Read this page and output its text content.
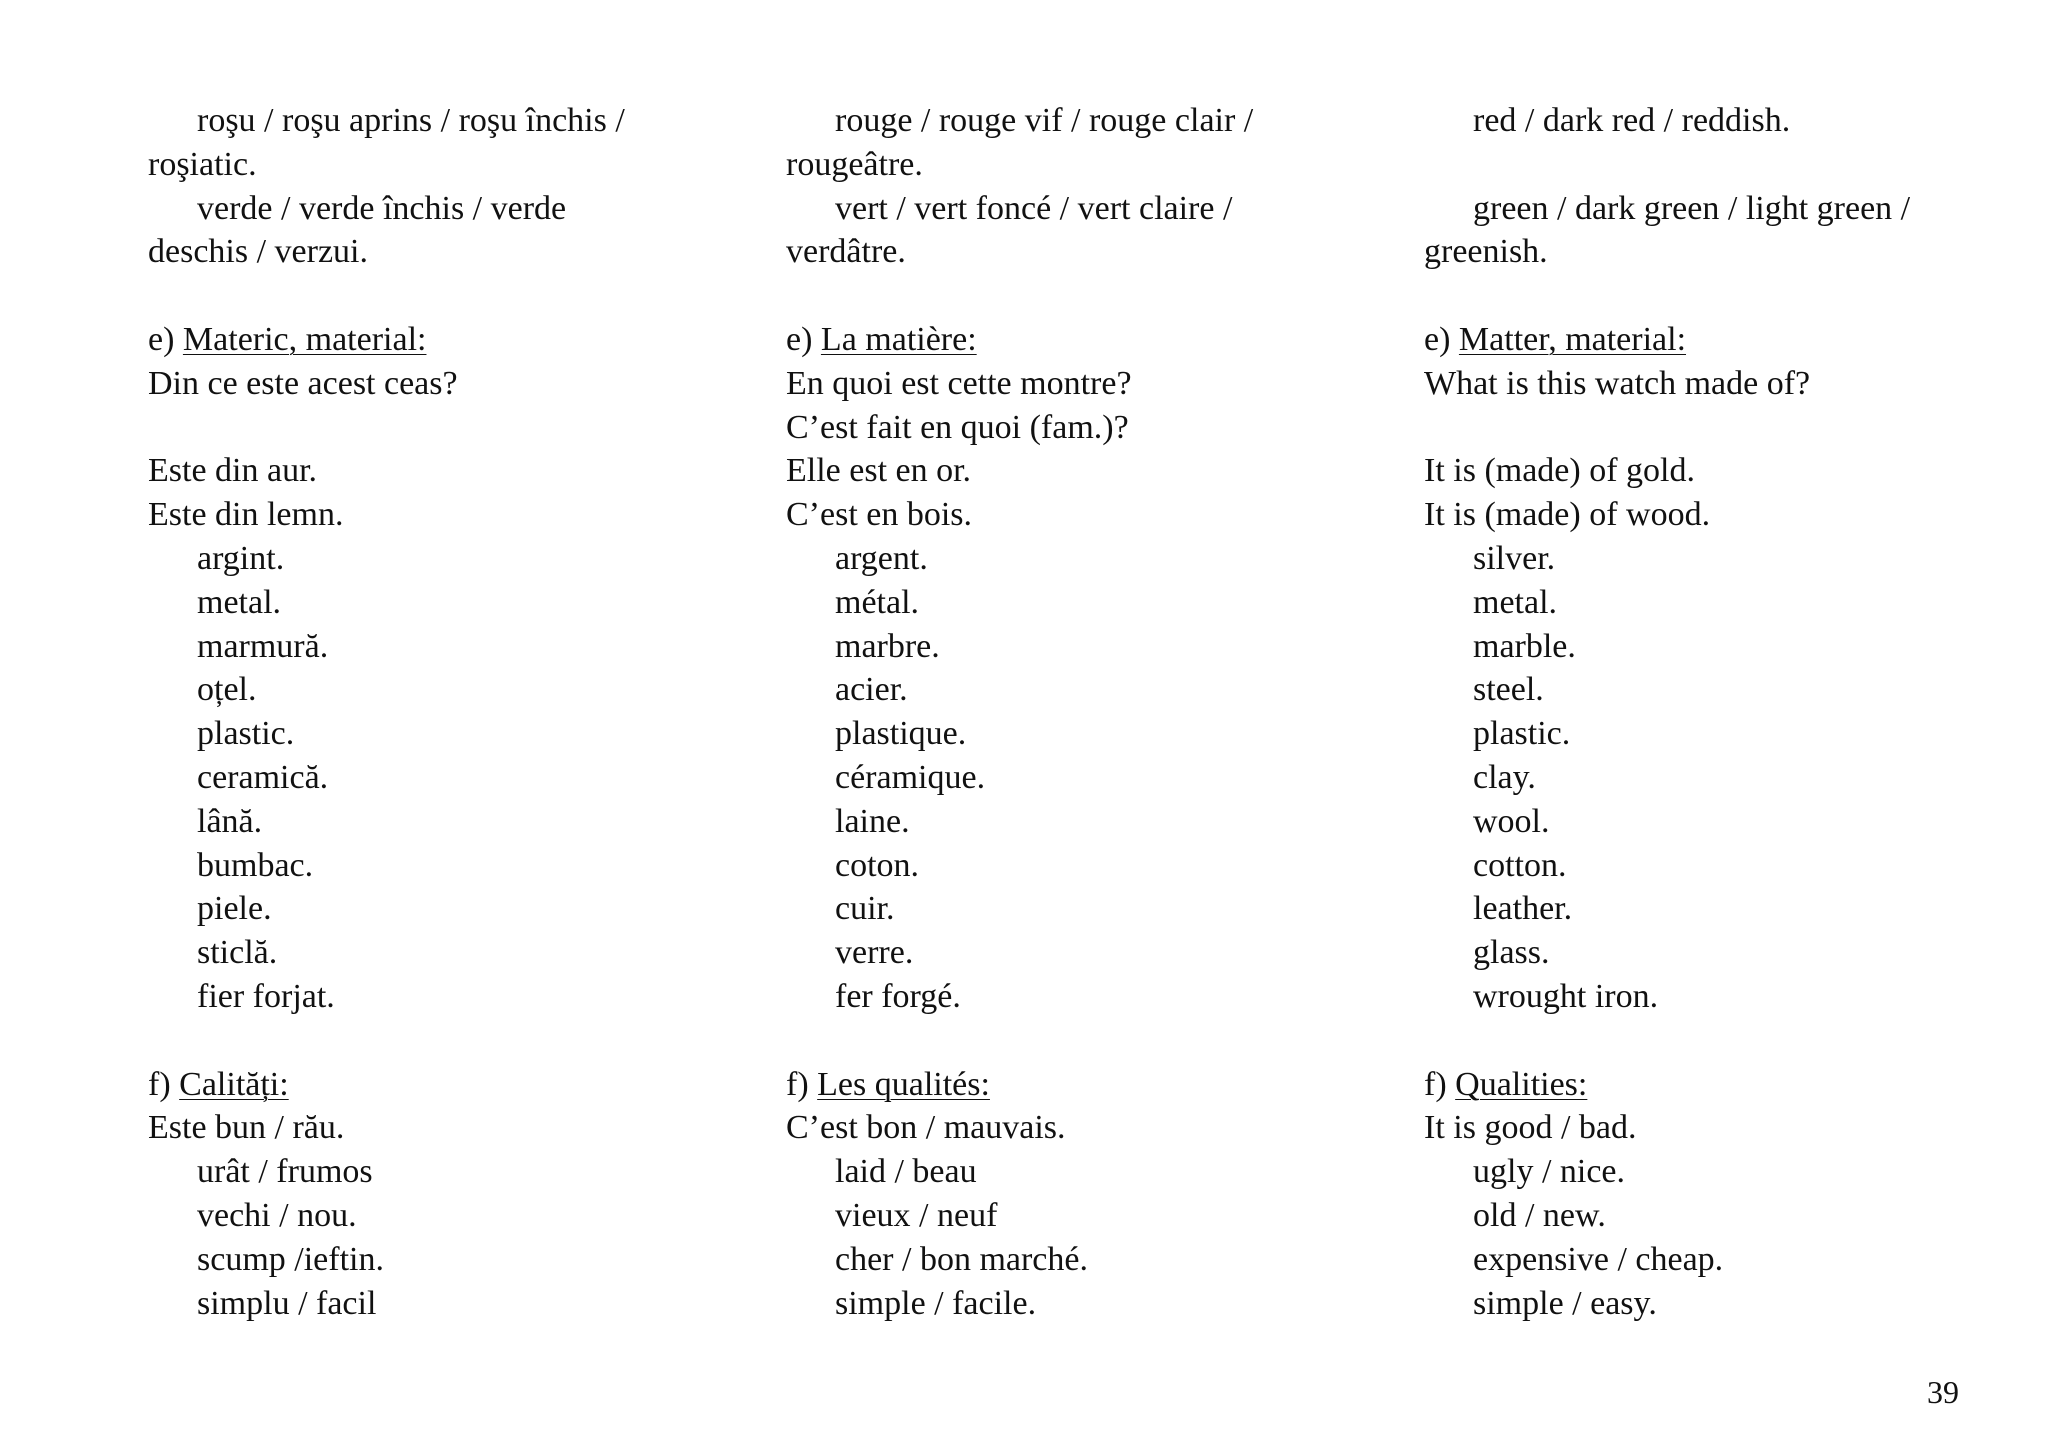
roşu / roşu aprins / roşu închis /
roşiatic.
verde / verde închis / verde
deschis / verzui.
e) Materic, material:
Din ce este acest ceas?
Este din aur.
Este din lemn.
argint.
metal.
marmură.
oțel.
plastic.
ceramică.
lână.
bumbac.
piele.
sticlă.
fier forjat.
f) Calități:
Este bun / rău.
urât / frumos
vechi / nou.
scump /ieftin.
simplu / facil
rouge / rouge vif / rouge clair /
rougeâtre.
vert / vert foncé / vert claire /
verdâtre.
e) La matière:
En quoi est cette montre?
C’est fait en quoi (fam.)?
Elle est en or.
C’est en bois.
argent.
métal.
marbre.
acier.
plastique.
céramique.
laine.
coton.
cuir.
verre.
fer forgé.
f) Les qualités:
C’est bon / mauvais.
laid / beau
vieux / neuf
cher / bon marché.
simple / facile.
red / dark red / reddish.
green / dark green / light green /
greenish.
e) Matter, material:
What is this watch made of?
It is (made) of gold.
It is (made) of wood.
silver.
metal.
marble.
steel.
plastic.
clay.
wool.
cotton.
leather.
glass.
wrought iron.
f) Qualities:
It is good / bad.
ugly / nice.
old / new.
expensive / cheap.
simple / easy.
39
